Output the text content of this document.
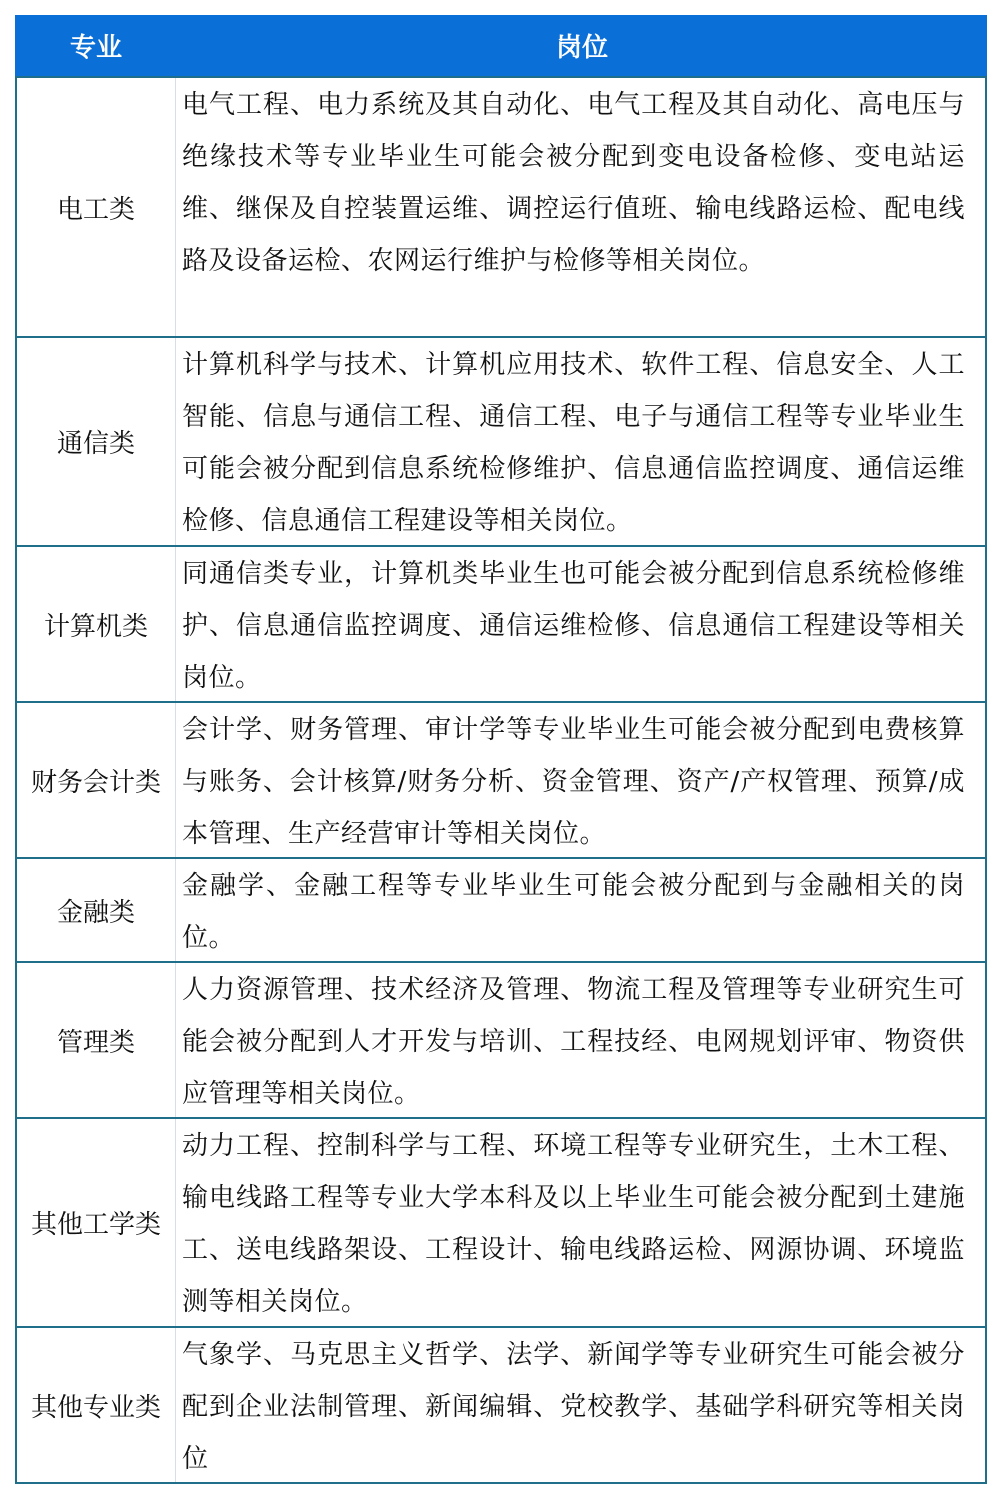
专业	岗位
电工类
电气工程、电力系统及其自动化、电气工程及其自动化、高电压与绝缘技术等专业毕业生可能会被分配到变电设备检修、变电站运维、继保及自控装置运维、调控运行值班、输电线路运检、配电线路及设备运检、农网运行维护与检修等相关岗位。
通信类
计算机科学与技术、计算机应用技术、软件工程、信息安全、人工智能、信息与通信工程、通信工程、电子与通信工程等专业毕业生可能会被分配到信息系统检修维护、信息通信监控调度、通信运维检修、信息通信工程建设等相关岗位。
计算机类
同通信类专业，计算机类毕业生也可能会被分配到信息系统检修维护、信息通信监控调度、通信运维检修、信息通信工程建设等相关岗位。
财务会计类
会计学、财务管理、审计学等专业毕业生可能会被分配到电费核算与账务、会计核算/财务分析、资金管理、资产/产权管理、预算/成本管理、生产经营审计等相关岗位。
金融类
金融学、金融工程等专业毕业生可能会被分配到与金融相关的岗位。
管理类
人力资源管理、技术经济及管理、物流工程及管理等专业研究生可能会被分配到人才开发与培训、工程技经、电网规划评审、物资供应管理等相关岗位。
其他工学类
动力工程、控制科学与工程、环境工程等专业研究生，土木工程、输电线路工程等专业大学本科及以上毕业生可能会被分配到土建施工、送电线路架设、工程设计、输电线路运检、网源协调、环境监测等相关岗位。
其他专业类
气象学、马克思主义哲学、法学、新闻学等专业研究生可能会被分配到企业法制管理、新闻编辑、党校教学、基础学科研究等相关岗位
